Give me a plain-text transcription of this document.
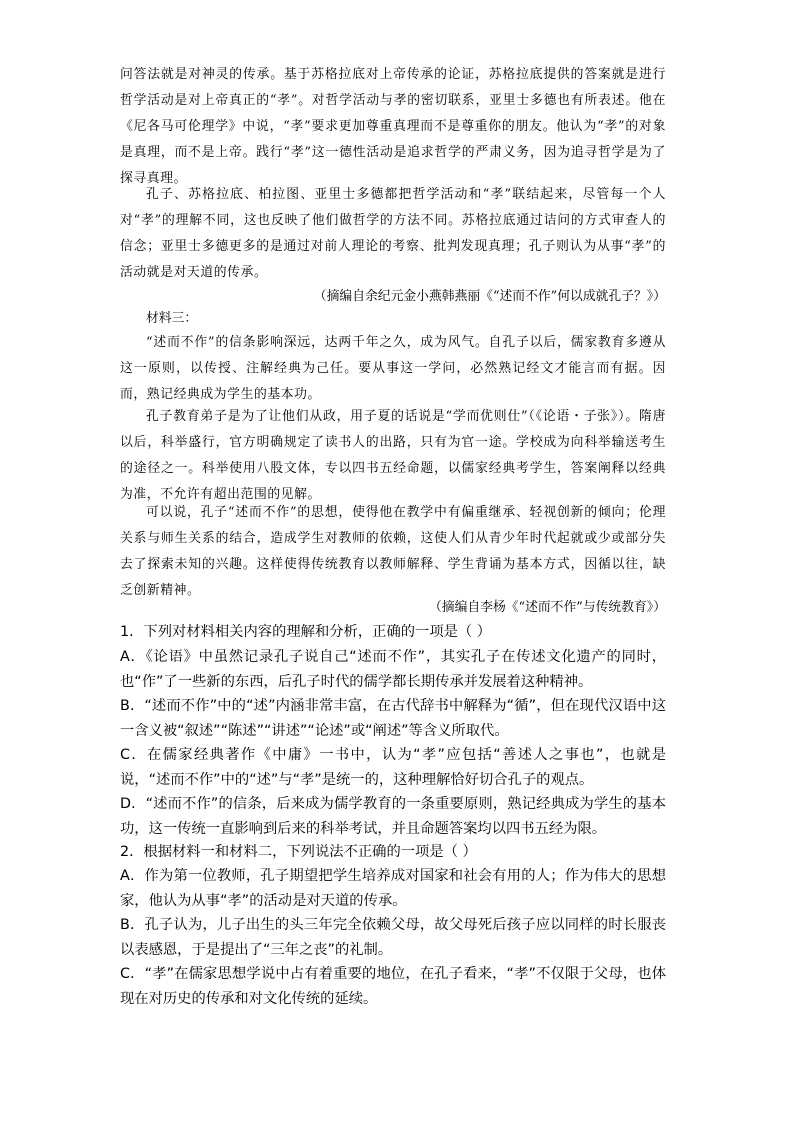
问答法就是对神灵的传承。基于苏格拉底对上帝传承的论证，苏格拉底提供的答案就是进行哲学活动是对上帝真正的“孝”。对哲学活动与孝的密切联系，亚里士多德也有所表述。他在《尼各马可伦理学》中说，“孝”要求更加尊重真理而不是尊重你的朋友。他认为“孝”的对象是真理，而不是上帝。践行“孝”这一德性活动是追求哲学的严肃义务，因为追寻哲学是为了探寻真理。

孔子、苏格拉底、柏拉图、亚里士多德都把哲学活动和“孝”联结起来，尽管每一个人对“孝”的理解不同，这也反映了他们做哲学的方法不同。苏格拉底通过诘问的方式审查人的信念；亚里士多德更多的是通过对前人理论的考察、批判发现真理；孔子则认为从事“孝”的活动就是对天道的传承。

（摘编自余纪元金小燕韩燕丽《“述而不作”何以成就孔子？》）

材料三：

“述而不作”的信条影响深远，达两千年之久，成为风气。自孔子以后，儒家教育多遵从这一原则，以传授、注解经典为己任。要从事这一学问，必然熟记经文才能言而有据。因而，熟记经典成为学生的基本功。

孔子教育弟子是为了让他们从政，用子夏的话说是“学而优则仕”（《论语・子张》）。隋唐以后，科举盛行，官方明确规定了读书人的出路，只有为官一途。学校成为向科举输送考生的途径之一。科举使用八股文体，专以四书五经命题，以儒家经典考学生，答案阐释以经典为准，不允许有超出范围的见解。

可以说，孔子“述而不作”的思想，使得他在教学中有偏重继承、轻视创新的倾向；伦理关系与师生关系的结合，造成学生对教师的依赖，这使人们从青少年时代起就或少或部分失去了探索未知的兴趣。这样使得传统教育以教师解释、学生背诵为基本方式，因循以往，缺乏创新精神。

（摘编自李杨《“述而不作”与传统教育》）

1．下列对材料相关内容的理解和分析，正确的一项是（ ）

A．《论语》中虽然记录孔子说自己“述而不作”，其实孔子在传述文化遗产的同时，也“作”了一些新的东西，后孔子时代的儒学都长期传承并发展着这种精神。

B．“述而不作”中的“述”内涵非常丰富，在古代辞书中解释为“循”，但在现代汉语中这一含义被“叙述”“陈述”“讲述”“论述”或“阐述”等含义所取代。

C．在儒家经典著作《中庸》一书中，认为“孝”应包括“善述人之事也”，也就是说，“述而不作”中的“述”与“孝”是统一的，这种理解恰好切合孔子的观点。

D．“述而不作”的信条，后来成为儒学教育的一条重要原则，熟记经典成为学生的基本功，这一传统一直影响到后来的科举考试，并且命题答案均以四书五经为限。

2．根据材料一和材料二，下列说法不正确的一项是（ ）

A．作为第一位教师，孔子期望把学生培养成对国家和社会有用的人；作为伟大的思想家，他认为从事“孝”的活动是对天道的传承。

B．孔子认为，儿子出生的头三年完全依赖父母，故父母死后孩子应以同样的时长服丧以表感恩，于是提出了“三年之丧”的礼制。

C．“孝”在儒家思想学说中占有着重要的地位，在孔子看来，“孝”不仅限于父母，也体现在对历史的传承和对文化传统的延续。
